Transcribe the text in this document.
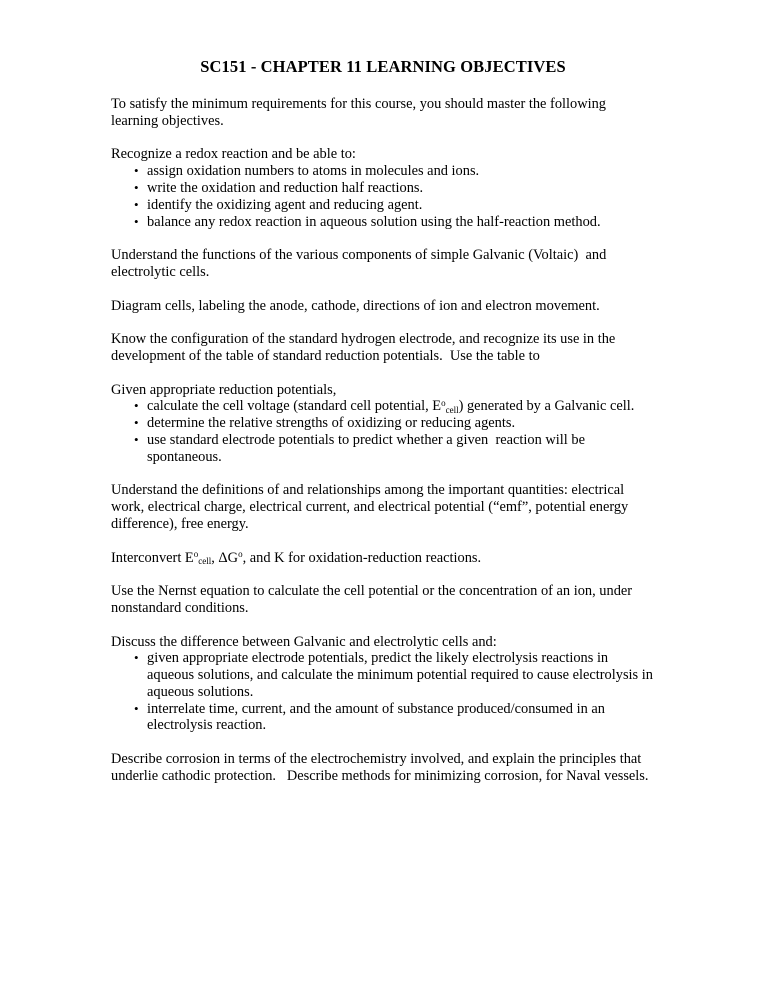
SC151 - CHAPTER 11 LEARNING OBJECTIVES

To satisfy the minimum requirements for this course, you should master the following learning objectives.

Recognize a redox reaction and be able to:

• assign oxidation numbers to atoms in molecules and ions.
• write the oxidation and reduction half reactions.
• identify the oxidizing agent and reducing agent.
• balance any redox reaction in aqueous solution using the half-reaction method.

Understand the functions of the various components of simple Galvanic (Voltaic)  and electrolytic cells.

Diagram cells, labeling the anode, cathode, directions of ion and electron movement.

Know the configuration of the standard hydrogen electrode, and recognize its use in the development of the table of standard reduction potentials.  Use the table to

Given appropriate reduction potentials,

• calculate the cell voltage (standard cell potential, $E^o_{cell}$) generated by a Galvanic cell.
• determine the relative strengths of oxidizing or reducing agents.
• use standard electrode potentials to predict whether a given  reaction will be spontaneous.

Understand the definitions of and relationships among the important quantities: electrical work, electrical charge, electrical current, and electrical potential (“emf”, potential energy difference), free energy.

Interconvert $E^o_{cell}$, $\Delta G^o$, and K for oxidation-reduction reactions.

Use the Nernst equation to calculate the cell potential or the concentration of an ion, under nonstandard conditions.

Discuss the difference between Galvanic and electrolytic cells and:

• given appropriate electrode potentials, predict the likely electrolysis reactions in aqueous solutions, and calculate the minimum potential required to cause electrolysis in aqueous solutions.
• interrelate time, current, and the amount of substance produced/consumed in an electrolysis reaction.

Describe corrosion in terms of the electrochemistry involved, and explain the principles that underlie cathodic protection.   Describe methods for minimizing corrosion, for Naval vessels.
